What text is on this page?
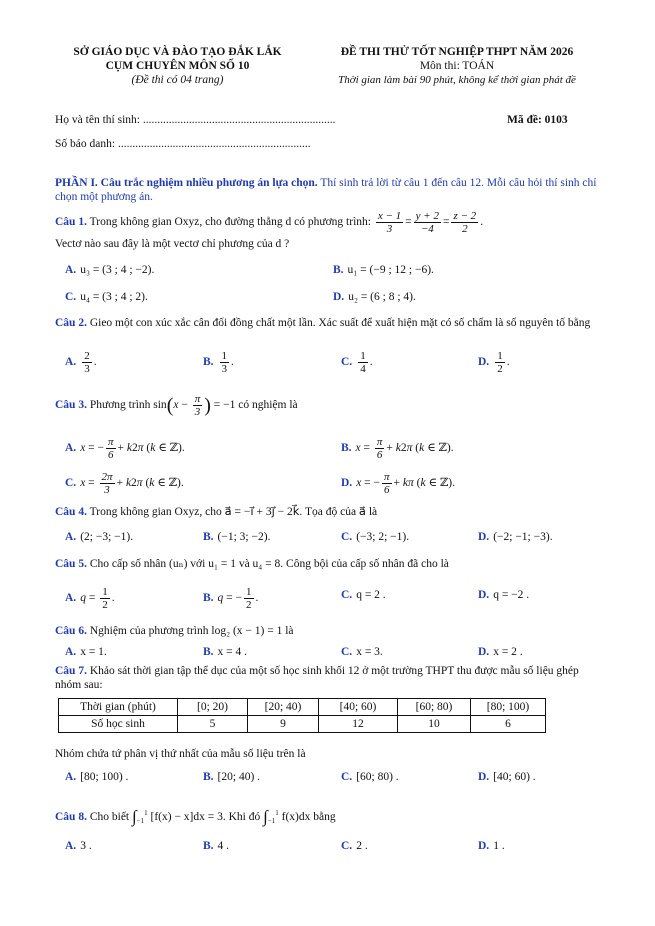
SỞ GIÁO DỤC VÀ ĐÀO TẠO ĐẮK LẮK
CỤM CHUYÊN MÔN SỐ 10
(Đề thi có 04 trang)
ĐỀ THI THỬ TỐT NGHIỆP THPT NĂM 2026
Môn thi: TOÁN
Thời gian làm bài 90 phút, không kể thời gian phát đề
Họ và tên thí sinh: ...................................................................	Mã đề: 0103
Số báo danh: ...................................................................
PHẦN I. Câu trắc nghiệm nhiều phương án lựa chọn. Thí sinh trả lời từ câu 1 đến câu 12. Mỗi câu hỏi thí sinh chỉ chọn một phương án.
Câu 1. Trong không gian Oxyz, cho đường thẳng d có phương trình: $\frac{x - 1}{3} = \frac{y + 2}{-4} = \frac{z - 2}{2}$ .
Vectơ nào sau đây là một vectơ chỉ phương của d ?
A. u₃ = (3 ; 4 ; −2).	B. u₁ = (−9 ; 12 ; −6).
C. u₄ = (3 ; 4 ; 2).	D. u₂ = (6 ; 8 ; 4).
Câu 2. Gieo một con xúc xắc cân đối đồng chất một lần. Xác suất để xuất hiện mặt có số chấm là số nguyên tố bằng
A. $\frac{2}{3}$ .	B. $\frac{1}{3}$ .	C. $\frac{1}{4}$ .	D. $\frac{1}{2}$ .
Câu 3. Phương trình $\sin(x - \frac{\pi}{3}$ ) = −1 có nghiệm là
A. x = − $\frac{\pi}{6} + k2\pi$ (k ∈ ℤ).	B. $x = \frac{\pi}{6} + k2\pi$ (k ∈ ℤ).
C. $x = \frac{2\pi}{3} + k2\pi$ (k ∈ ℤ).	D. x = − $\frac{\pi}{6} + k\pi$ (k ∈ ℤ).
Câu 4. Trong không gian Oxyz, cho a⃗ = −i⃗ + 3j⃗ − 2k⃗. Tọa độ của a⃗ là
A. (2; −3; −1).	B. (−1; 3; −2).	C. (−3; 2; −1).	D. (−2; −1; −3).
Câu 5. Cho cấp số nhân (uₙ) với u₁ = 1 và u₄ = 8. Công bội của cấp số nhân đã cho là
A. $q = \frac{1}{2}$ .	B. q = − $\frac{1}{2}$ .	C. q = 2 .	D. q = −2 .
Câu 6. Nghiệm của phương trình log₂ (x − 1) = 1 là
A. x = 1.	B. x = 4 .	C. x = 3.	D. x = 2 .
Câu 7. Khảo sát thời gian tập thể dục của một số học sinh khối 12 ở một trường THPT thu được mẫu số liệu ghép nhóm sau:
Thời gian (phút)	[0; 20)	[20; 40)	[40; 60)	[60; 80)	[80; 100)
Số học sinh	5	9	12	10	6
Nhóm chứa tứ phân vị thứ nhất của mẫu số liệu trên là
A. [80; 100) .	B. [20; 40) .	C. [60; 80) .	D. [40; 60) .
Câu 8. Cho biết $\int_{-1}^1$ [f(x) − x]dx = 3. Khi đó $\int_{-1}^1$ f(x)dx bằng
A. 3 .	B. 4 .	C. 2 .	D. 1 .
